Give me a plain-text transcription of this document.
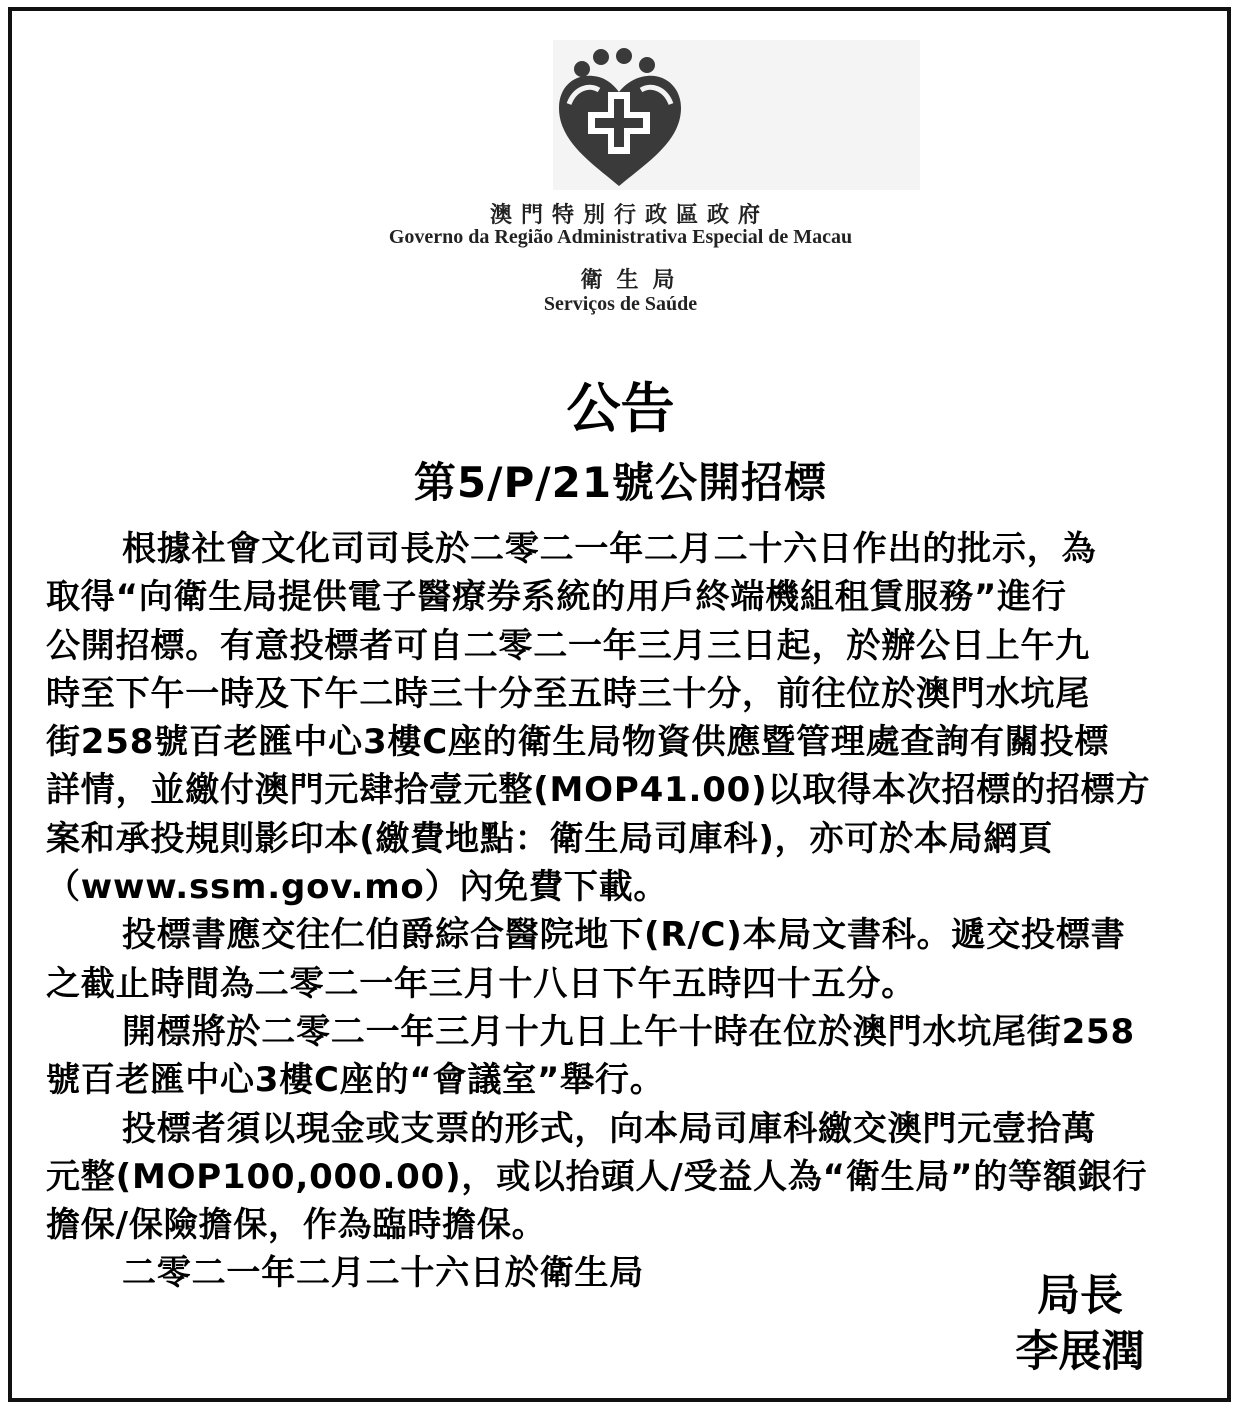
澳門特別行政區政府
Governo da Região Administrativa Especial de Macau
衛生局
Serviços de Saúde
公告
第5/P/21號公開招標
根據社會文化司司長於二零二一年二月二十六日作出的批示，為
取得“向衛生局提供電子醫療券系統的用戶終端機組租賃服務”進行
公開招標。有意投標者可自二零二一年三月三日起，於辦公日上午九
時至下午一時及下午二時三十分至五時三十分，前往位於澳門水坑尾
街258號百老匯中心3樓C座的衛生局物資供應暨管理處查詢有關投標
詳情，並繳付澳門元肆拾壹元整(MOP41.00)以取得本次招標的招標方
案和承投規則影印本(繳費地點：衛生局司庫科)，亦可於本局網頁
（www.ssm.gov.mo）內免費下載。
投標書應交往仁伯爵綜合醫院地下(R/C)本局文書科。遞交投標書
之截止時間為二零二一年三月十八日下午五時四十五分。
開標將於二零二一年三月十九日上午十時在位於澳門水坑尾街258
號百老匯中心3樓C座的“會議室”舉行。
投標者須以現金或支票的形式，向本局司庫科繳交澳門元壹拾萬
元整(MOP100,000.00)，或以抬頭人/受益人為“衛生局”的等額銀行
擔保/保險擔保，作為臨時擔保。
二零二一年二月二十六日於衛生局	局長
李展潤
